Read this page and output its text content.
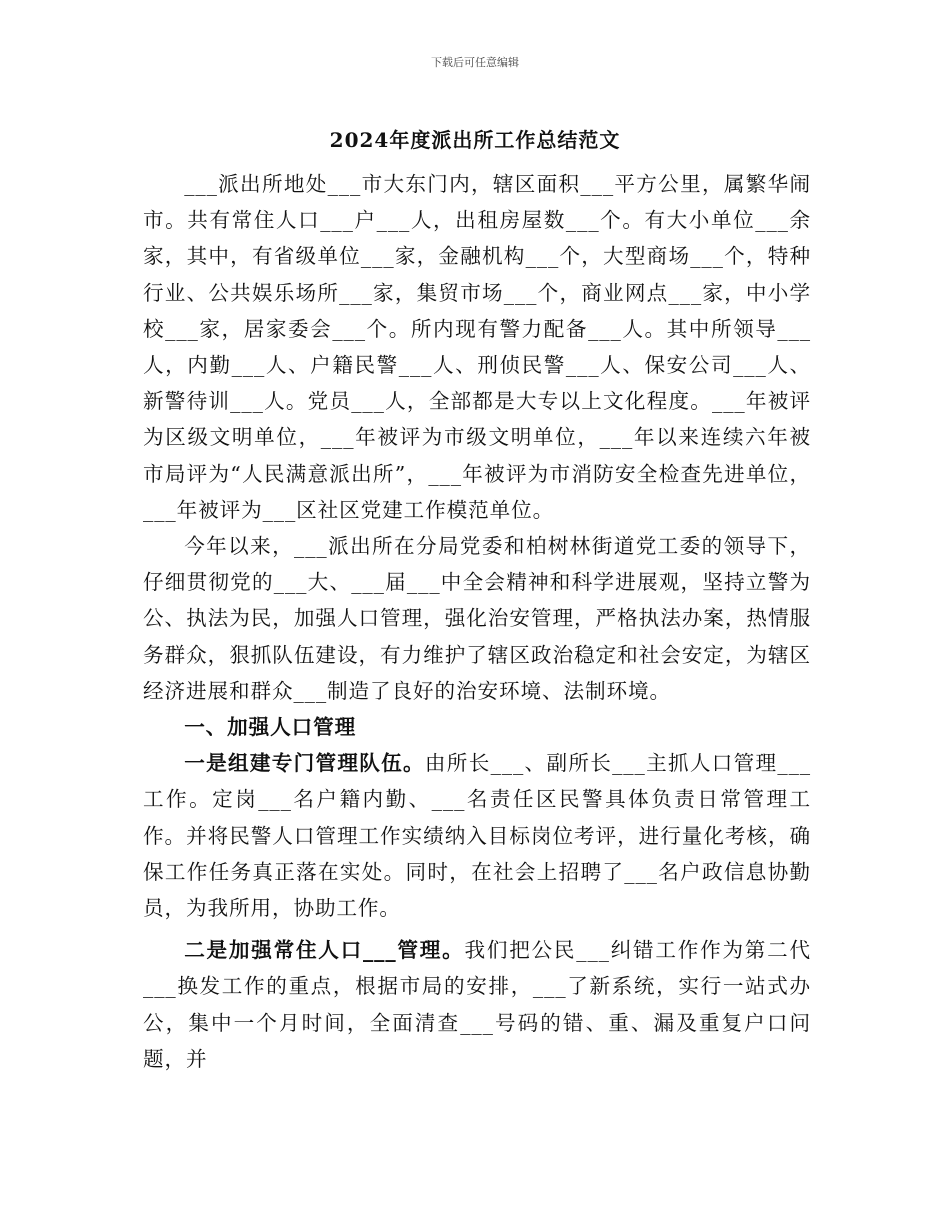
下载后可任意编辑
2024年度派出所工作总结范文

___派出所地处___市大东门内，辖区面积___平方公里，属繁华闹市。共有常住人口___户___人，出租房屋数___个。有大小单位___余家，其中，有省级单位___家，金融机构___个，大型商场___个，特种行业、公共娱乐场所___家，集贸市场___个，商业网点___家，中小学校___家，居家委会___个。所内现有警力配备___人。其中所领导___人，内勤___人、户籍民警___人、刑侦民警___人、保安公司___人、新警待训___人。党员___人，全部都是大专以上文化程度。___年被评为区级文明单位，___年被评为市级文明单位，___年以来连续六年被市局评为“人民满意派出所”，___年被评为市消防安全检查先进单位，___年被评为___区社区党建工作模范单位。

今年以来，___派出所在分局党委和柏树林街道党工委的领导下，仔细贯彻党的___大、___届___中全会精神和科学进展观，坚持立警为公、执法为民，加强人口管理，强化治安管理，严格执法办案，热情服务群众，狠抓队伍建设，有力维护了辖区政治稳定和社会安定，为辖区经济进展和群众___制造了良好的治安环境、法制环境。

一、加强人口管理

一是组建专门管理队伍。由所长___、副所长___主抓人口管理___工作。定岗___名户籍内勤、___名责任区民警具体负责日常管理工作。并将民警人口管理工作实绩纳入目标岗位考评，进行量化考核，确保工作任务真正落在实处。同时，在社会上招聘了___名户政信息协勤员，为我所用，协助工作。

二是加强常住人口___管理。我们把公民___纠错工作作为第二代___换发工作的重点，根据市局的安排，___了新系统，实行一站式办公，集中一个月时间，全面清查___号码的错、重、漏及重复户口问题，并
